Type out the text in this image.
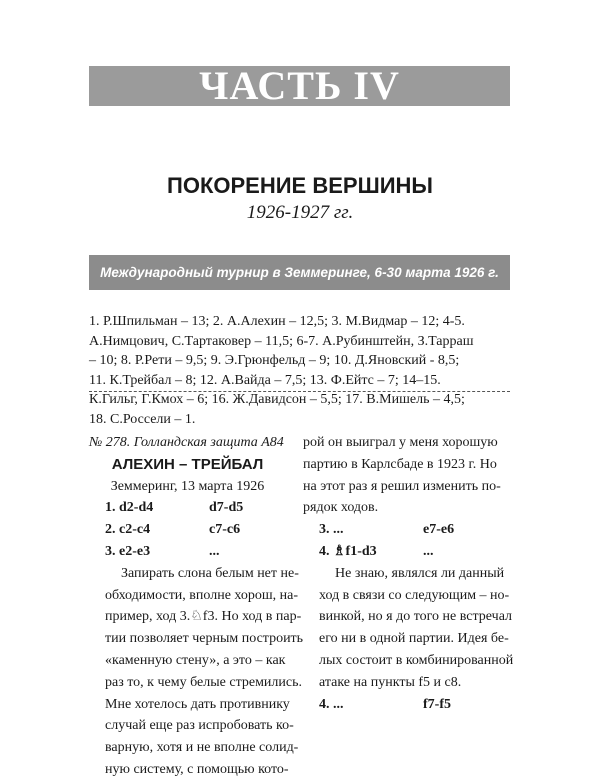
ЧАСТЬ IV
ПОКОРЕНИЕ ВЕРШИНЫ
1926-1927 гг.
Международный турнир в Земмеринге, 6-30 марта 1926 г.
1. Р.Шпильман – 13; 2. А.Алехин – 12,5; 3. М.Видмар – 12; 4-5.
А.Нимцович, С.Тартаковер – 11,5; 6-7. А.Рубинштейн, З.Тарраш
– 10; 8. Р.Рети – 9,5; 9. Э.Грюнфельд – 9; 10. Д.Яновский - 8,5;
11. К.Трейбал – 8; 12. А.Вайда – 7,5; 13. Ф.Ейтс – 7; 14–15.
К.Гильг, Г.Кмох – 6; 16. Ж.Давидсон – 5,5; 17. В.Мишель – 4,5;
18. С.Россели – 1.
№ 278. Голландская защита A84
АЛЕХИН – ТРЕЙБАЛ
Земмеринг, 13 марта 1926
1. d2-d4	d7-d5
2. c2-c4	c7-c6
3. e2-e3	...
Запирать слона белым нет не-
обходимости, вполне хорош, на-
пример, ход 3.♘f3. Но ход в пар-
тии позволяет черным построить
«каменную стену», а это – как
раз то, к чему белые стремились.
Мне хотелось дать противнику
случай еще раз испробовать ко-
варную, хотя и не вполне солид-
ную систему, с помощью кото-
рой он выиграл у меня хорошую
партию в Карлсбаде в 1923 г. Но
на этот раз я решил изменить по-
рядок ходов.
3. ...	e7-e6
4. ♗f1-d3	...
Не знаю, являлся ли данный
ход в связи со следующим – но-
винкой, но я до того не встречал
его ни в одной партии. Идея бе-
лых состоит в комбинированной
атаке на пункты f5 и c8.
4. ...	f7-f5
